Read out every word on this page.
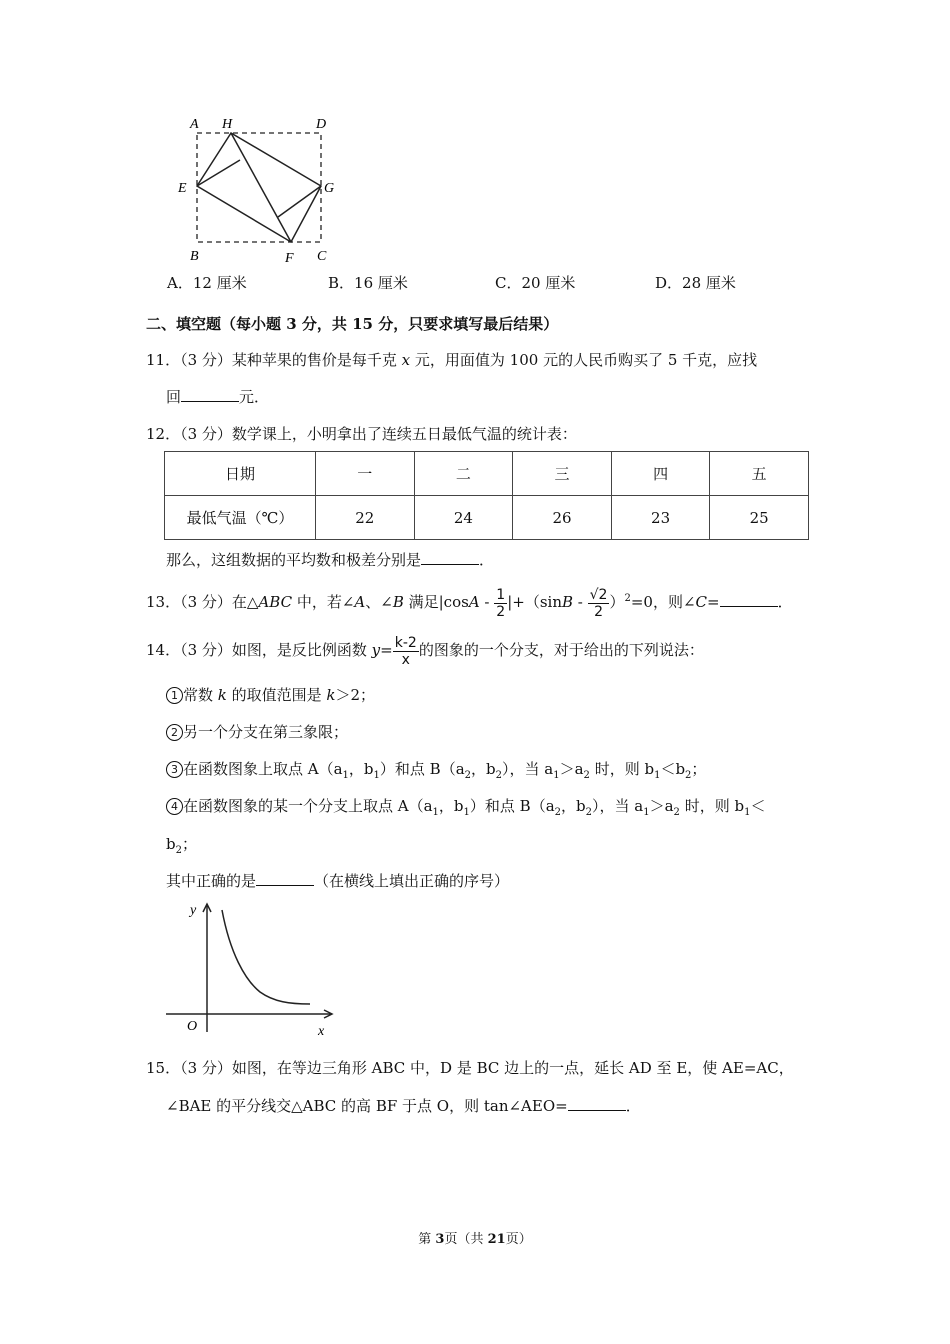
A H	D
E	G
B	F C
A．12 厘米	B．16 厘米	C．20 厘米	D．28 厘米
二、填空题（每小题 3 分，共 15 分，只要求填写最后结果）
11．（3 分）某种苹果的售价是每千克 x 元，用面值为 100 元的人民币购买了 5 千克，应找
回	元．
12．（3 分）数学课上，小明拿出了连续五日最低气温的统计表：
日期	一	二	三	四	五
最低气温（℃）	22	24	26	23	25
那么，这组数据的平均数和极差分别是	．
13．（3 分）在△ABC 中，若∠A、∠B 满足$|\cos A - \frac{1}{2} |+(\sin B - \frac{√2}{2} )^2=0$，则∠C=	．
14．（3 分）如图，是反比例函数 $y= \frac{k-2}{x}$ 的图象的一个分支，对于给出的下列说法：
1 常数 k 的取值范围是 k＞2；
2 另一个分支在第三象限；
3 在函数图象上取点 $A(a_1$，$b_1$）和点 $B(a_2$，$b_2$），当 $a_1>a_2$ 时，则 $b_1<b_2$；
4 在函数图象的某一个分支上取点 $A(a_1$，$b_1$）和点 $B(a_2$，$b_2$），当 $a_1>a_2$ 时，则 $b_1<$
$b_2$；
其中正确的是	（在横线上填出正确的序号）
y
x
O
15．（3 分）如图，在等边三角形 ABC 中，D 是 BC 边上的一点，延长 AD 至 E，使 AE=AC，
∠BAE 的平分线交△ABC 的高 BF 于点 O，则 tan∠AEO=	．
第 3页（共 21页）
